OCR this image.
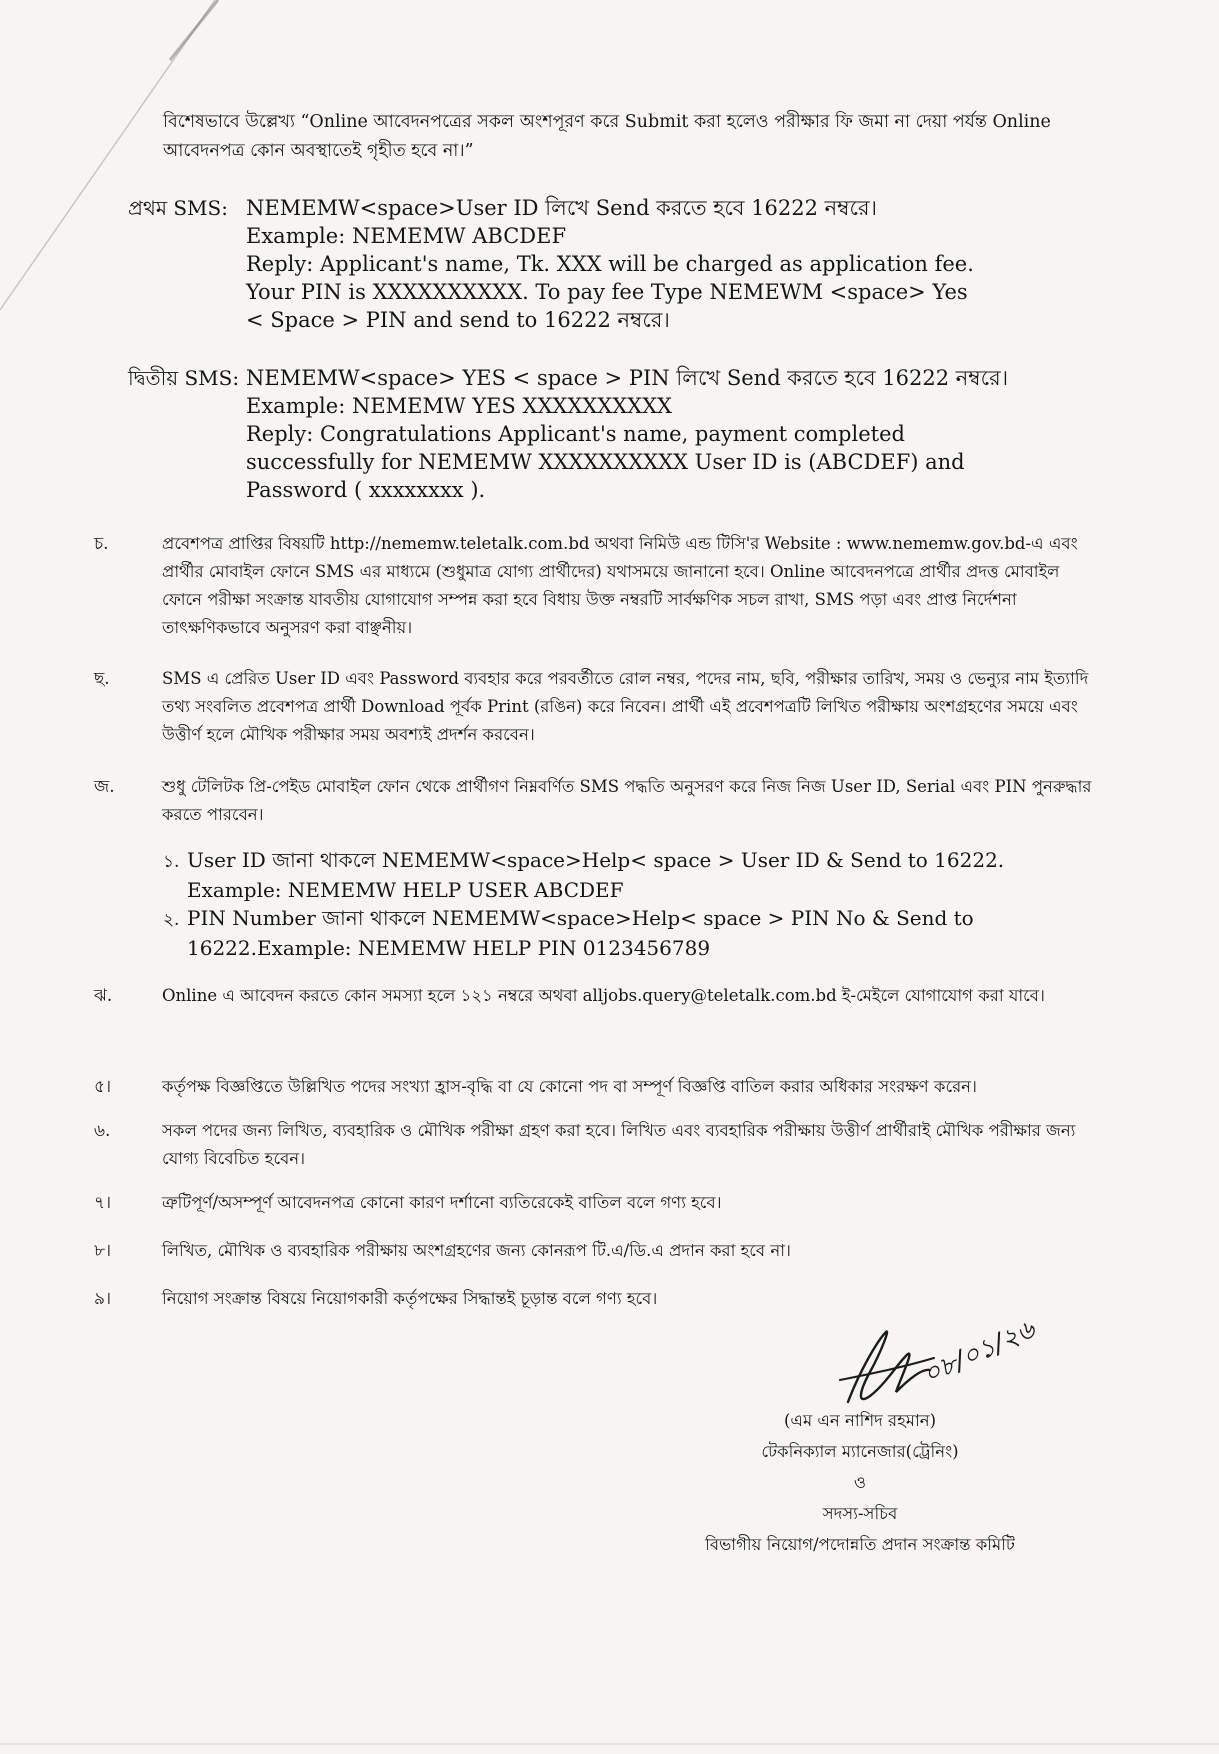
বিশেষভাবে উল্লেখ্য “Online আবেদনপত্রের সকল অংশপূরণ করে Submit করা হলেও পরীক্ষার ফি জমা না দেয়া পর্যন্ত Online আবেদনপত্র কোন অবস্থাতেই গৃহীত হবে না।”

প্রথম SMS: NEMEMW<space>User ID লিখে Send করতে হবে 16222 নম্বরে।
Example: NEMEMW ABCDEF
Reply: Applicant's name, Tk. XXX will be charged as application fee.
Your PIN is XXXXXXXXXX. To pay fee Type NEMEWM <space> Yes
< Space > PIN and send to 16222 নম্বরে।
দ্বিতীয় SMS: NEMEMW<space> YES < space > PIN লিখে Send করতে হবে 16222 নম্বরে।
Example: NEMEMW YES XXXXXXXXXX
Reply: Congratulations Applicant's name, payment completed
successfully for NEMEMW XXXXXXXXXX User ID is (ABCDEF) and
Password ( xxxxxxxx ).

চ.	প্রবেশপত্র প্রাপ্তির বিষয়টি http://nememw.teletalk.com.bd অথবা নিমিউ এন্ড টিসি'র Website : www.nememw.gov.bd-এ এবং প্রার্থীর মোবাইল ফোনে SMS এর মাধ্যমে (শুধুমাত্র যোগ্য প্রার্থীদের) যথাসময়ে জানানো হবে। Online আবেদনপত্রে প্রার্থীর প্রদত্ত মোবাইল ফোনে পরীক্ষা সংক্রান্ত যাবতীয় যোগাযোগ সম্পন্ন করা হবে বিধায় উক্ত নম্বরটি সার্বক্ষণিক সচল রাখা, SMS পড়া এবং প্রাপ্ত নির্দেশনা তাৎক্ষণিকভাবে অনুসরণ করা বাঞ্ছনীয়।

ছ.	SMS এ প্রেরিত User ID এবং Password ব্যবহার করে পরবর্তীতে রোল নম্বর, পদের নাম, ছবি, পরীক্ষার তারিখ, সময় ও ভেন্যুর নাম ইত্যাদি তথ্য সংবলিত প্রবেশপত্র প্রার্থী Download পূর্বক Print (রঙিন) করে নিবেন। প্রার্থী এই প্রবেশপত্রটি লিখিত পরীক্ষায় অংশগ্রহণের সময়ে এবং উত্তীর্ণ হলে মৌখিক পরীক্ষার সময় অবশ্যই প্রদর্শন করবেন।

জ.	শুধু টেলিটক প্রি-পেইড মোবাইল ফোন থেকে প্রার্থীগণ নিম্নবর্ণিত SMS পদ্ধতি অনুসরণ করে নিজ নিজ User ID, Serial এবং PIN পুনরুদ্ধার করতে পারবেন।

১. User ID জানা থাকলে NEMEMW<space>Help< space > User ID & Send to 16222.
Example: NEMEMW HELP USER ABCDEF
২. PIN Number জানা থাকলে NEMEMW<space>Help< space > PIN No & Send to
16222.Example: NEMEMW HELP PIN 0123456789

ঝ.	Online এ আবেদন করতে কোন সমস্যা হলে ১২১ নম্বরে অথবা alljobs.query@teletalk.com.bd ই-মেইলে যোগাযোগ করা যাবে।

৫।	কর্তৃপক্ষ বিজ্ঞপ্তিতে উল্লিখিত পদের সংখ্যা হ্রাস-বৃদ্ধি বা যে কোনো পদ বা সম্পূর্ণ বিজ্ঞপ্তি বাতিল করার অধিকার সংরক্ষণ করেন।

৬.	সকল পদের জন্য লিখিত, ব্যবহারিক ও মৌখিক পরীক্ষা গ্রহণ করা হবে। লিখিত এবং ব্যবহারিক পরীক্ষায় উত্তীর্ণ প্রার্থীরাই মৌখিক পরীক্ষার জন্য যোগ্য বিবেচিত হবেন।

৭।	ত্রুটিপূর্ণ/অসম্পূর্ণ আবেদনপত্র কোনো কারণ দর্শানো ব্যতিরেকেই বাতিল বলে গণ্য হবে।

৮।	লিখিত, মৌখিক ও ব্যবহারিক পরীক্ষায় অংশগ্রহণের জন্য কোনরূপ টি.এ/ডি.এ প্রদান করা হবে না।

৯।	নিয়োগ সংক্রান্ত বিষয়ে নিয়োগকারী কর্তৃপক্ষের সিদ্ধান্তই চূড়ান্ত বলে গণ্য হবে।

০৮/০১/২৬
(এম এন নাশিদ রহমান)
টেকনিক্যাল ম্যানেজার(ট্রেনিং)
ও
সদস্য-সচিব
বিভাগীয় নিয়োগ/পদোন্নতি প্রদান সংক্রান্ত কমিটি
